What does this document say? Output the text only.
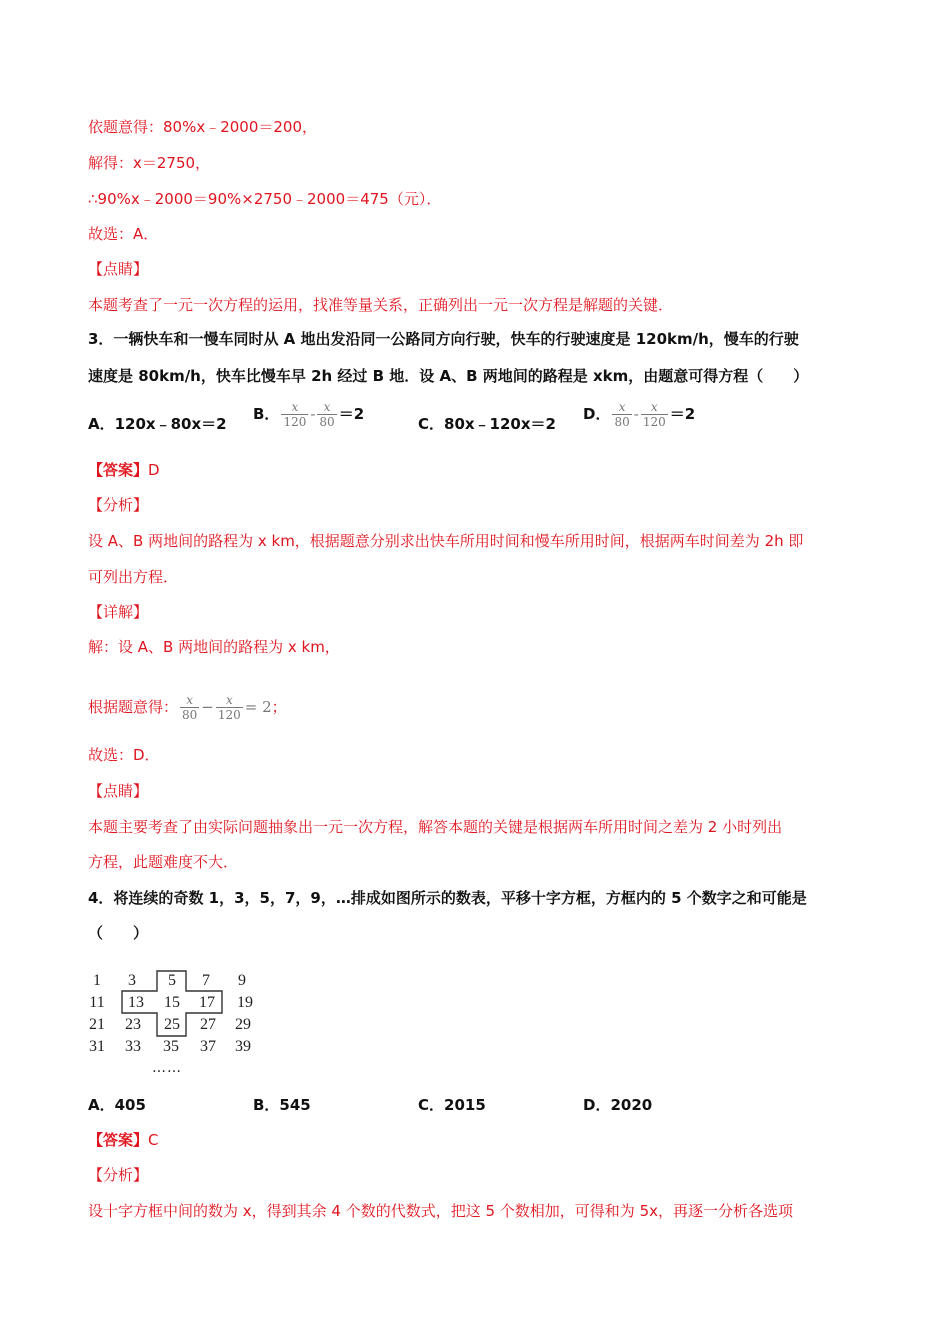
依题意得：80%x﹣2000＝200，
解得：x＝2750，
∴90%x﹣2000＝90%×2750﹣2000＝475（元）．
故选：A．
【点睛】
本题考查了一元一次方程的运用，找准等量关系，正确列出一元一次方程是解题的关键．
3．一辆快车和一慢车同时从 A 地出发沿同一公路同方向行驶，快车的行驶速度是 120km/h，慢车的行驶
速度是 80km/h，快车比慢车早 2h 经过 B 地．设 A、B 两地间的路程是 xkm，由题意可得方程（　　）
A．120x﹣80x＝2
B． $\frac{x}{120} - \frac{x}{80} =2$
C．80x﹣120x＝2
D． $\frac{x}{80} - \frac{x}{120} =2$
【答案】D
【分析】
设 A、B 两地间的路程为 x km，根据题意分别求出快车所用时间和慢车所用时间，根据两车时间差为 2h 即
可列出方程．
【详解】
解：设 A、B 两地间的路程为 x km，
根据题意得： $\frac{x}{80} - \frac{x}{120} = 2$；
故选：D．
【点睛】
本题主要考查了由实际问题抽象出一元一次方程，解答本题的关键是根据两车所用时间之差为 2 小时列出
方程，此题难度不大．
4．将连续的奇数 1，3，5，7，9，…排成如图所示的数表，平移十字方框，方框内的 5 个数字之和可能是
（　　）
1	3	5	7	9
11	13	15	17	19
21	23	25	27	29
31	33	35	37	39
……
A．405	B．545	C．2015	D．2020
【答案】C
【分析】
设十字方框中间的数为 x，得到其余 4 个数的代数式，把这 5 个数相加，可得和为 5x，再逐一分析各选项
